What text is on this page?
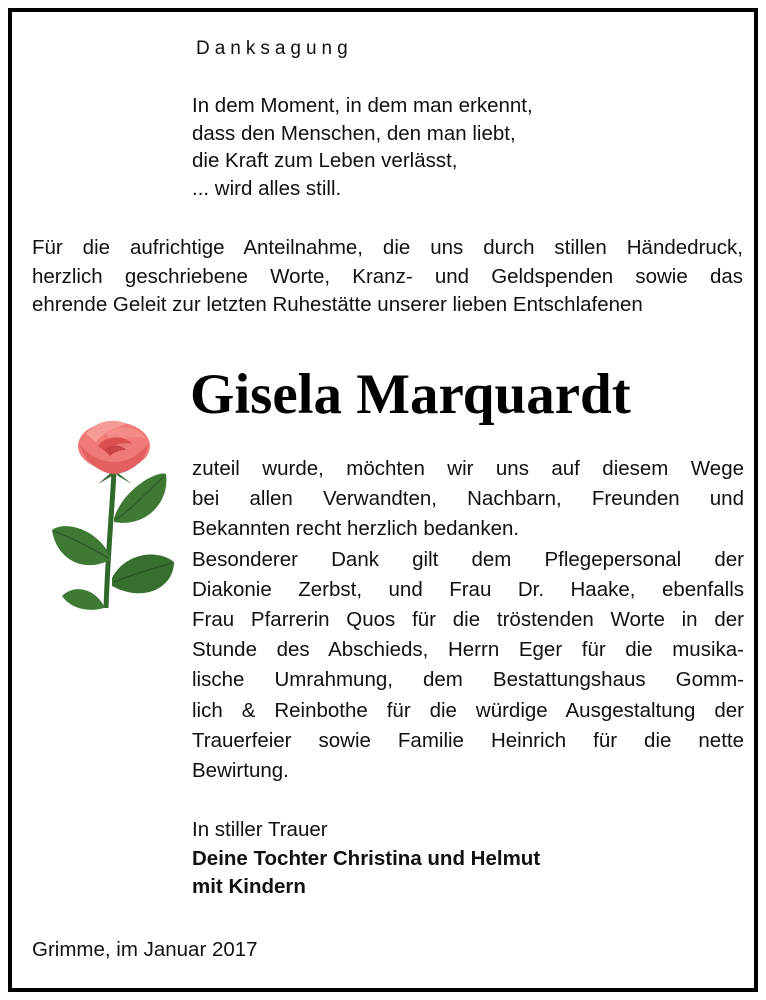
Danksagung
In dem Moment, in dem man erkennt,
dass den Menschen, den man liebt,
die Kraft zum Leben verlässt,
... wird alles still.
Für die aufrichtige Anteilnahme, die uns durch stillen Händedruck,
herzlich geschriebene Worte, Kranz- und Geldspenden sowie das
ehrende Geleit zur letzten Ruhestätte unserer lieben Entschlafenen
Gisela Marquardt
zuteil wurde, möchten wir uns auf diesem Wege
bei allen Verwandten, Nachbarn, Freunden und
Bekannten recht herzlich bedanken.
Besonderer Dank gilt dem Pflegepersonal der
Diakonie Zerbst, und Frau Dr. Haake, ebenfalls
Frau Pfarrerin Quos für die tröstenden Worte in der
Stunde des Abschieds, Herrn Eger für die musika-
lische Umrahmung, dem Bestattungshaus Gomm-
lich & Reinbothe für die würdige Ausgestaltung der
Trauerfeier sowie Familie Heinrich für die nette
Bewirtung.
In stiller Trauer
Deine Tochter Christina und Helmut
mit Kindern
Grimme, im Januar 2017
